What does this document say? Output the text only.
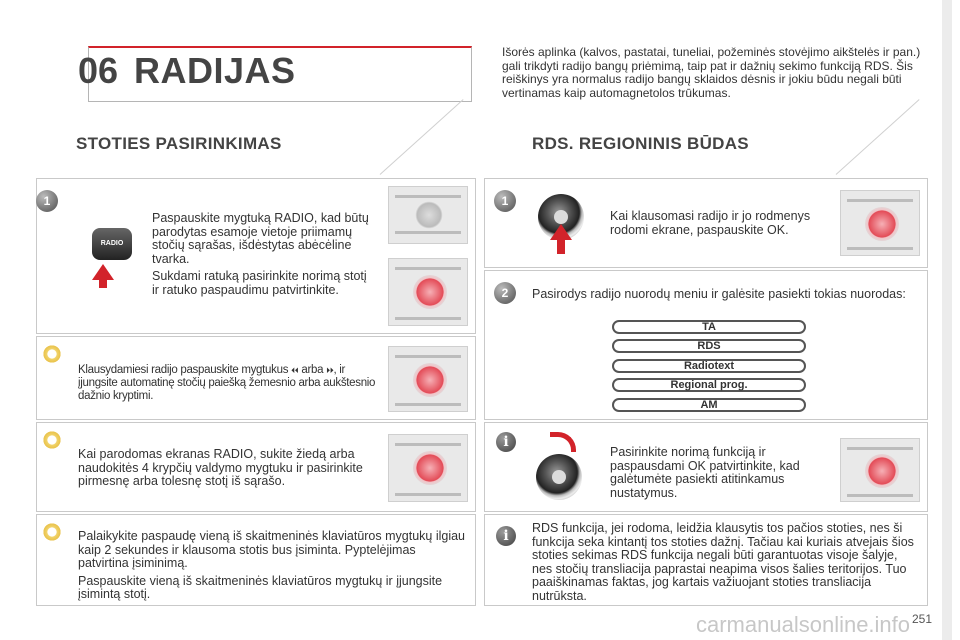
06 RADIJAS	Išorės aplinka (kalvos, pastatai, tuneliai, požeminės stovėjimo aikštelės ir pan.) gali trikdyti radijo bangų priėmimą, taip pat ir dažnių sekimo funkciją RDS. Šis reiškinys yra normalus radijo bangų sklaidos dėsnis ir jokiu būdu negali būti vertinamas kaip automagnetolos trūkumas.
STOTIES PASIRINKIMAS
1
RADIO

Paspauskite mygtuką RADIO, kad būtų parodytas esamoje vietoje priimamų stočių sąrašas, išdėstytas abėcėline tvarka.

Sukdami ratuką pasirinkite norimą stotį ir ratuko paspaudimu patvirtinkite.

Klausydamiesi radijo paspauskite mygtukus ⏴⏴ arba ⏵⏵, ir įjungsite automatinę stočių paiešką žemesnio arba aukštesnio dažnio kryptimi.
Kai parodomas ekranas RADIO, sukite žiedą arba naudokitės 4 krypčių valdymo mygtuku ir pasirinkite pirmesnę arba tolesnę stotį iš sąrašo.

Palaikykite paspaudę vieną iš skaitmeninės klaviatūros mygtukų ilgiau kaip 2 sekundes ir klausoma stotis bus įsiminta. Pyptelėjimas patvirtina įsiminimą.

Paspauskite vieną iš skaitmeninės klaviatūros mygtukų ir įjungsite įsimintą stotį.

RDS. REGIONINIS BŪDAS
1
Kai klausomasi radijo ir jo rodmenys rodomi ekrane, paspauskite OK.
2	Pasirodys radijo nuorodų meniu ir galėsite pasiekti tokias nuorodas:
TA
RDS
Radiotext
Regional prog.
AM
i
Pasirinkite norimą funkciją ir paspausdami OK patvirtinkite, kad galėtumėte pasiekti atitinkamus nustatymus.
i	RDS funkcija, jei rodoma, leidžia klausytis tos pačios stoties, nes ši funkcija seka kintantį tos stoties dažnį. Tačiau kai kuriais atvejais šios stoties sekimas RDS funkcija negali būti garantuotas visoje šalyje, nes stočių transliacija paprastai neapima visos šalies teritorijos. Tuo paaiškinamas faktas, jog kartais važiuojant stoties transliacija nutrūksta.
carmanualsonline.info 251
